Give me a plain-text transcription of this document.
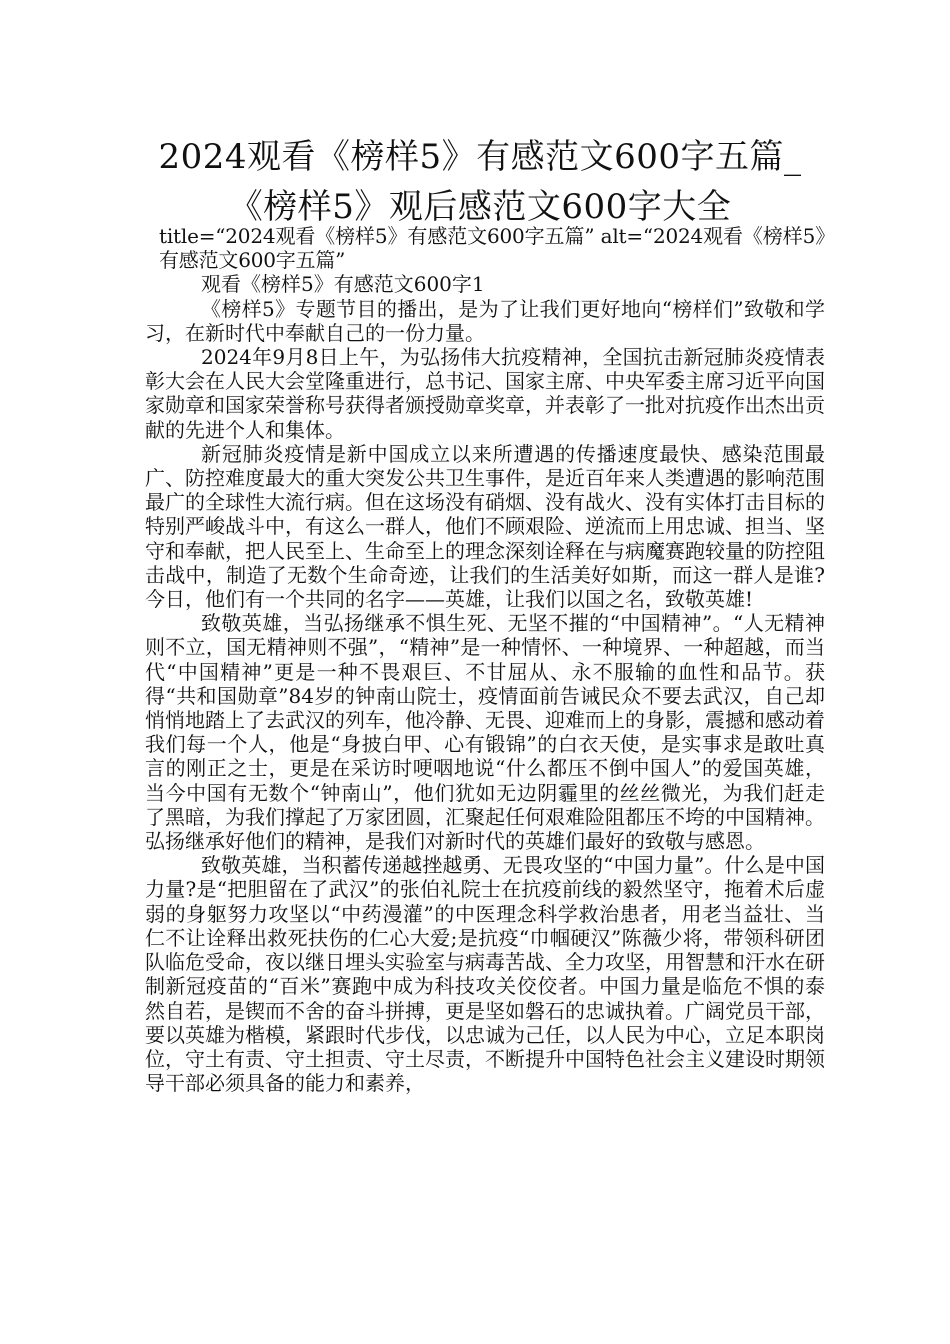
2024观看《榜样5》有感范文600字五篇_
《榜样5》观后感范文600字大全

title=“2024观看《榜样5》有感范文600字五篇” alt=“2024观看《榜样5》有感范文600字五篇”

观看《榜样5》有感范文600字1

《榜样5》专题节目的播出，是为了让我们更好地向“榜样们”致敬和学习，在新时代中奉献自己的一份力量。

2024年9月8日上午，为弘扬伟大抗疫精神，全国抗击新冠肺炎疫情表彰大会在人民大会堂隆重进行，总书记、国家主席、中央军委主席习近平向国家勋章和国家荣誉称号获得者颁授勋章奖章，并表彰了一批对抗疫作出杰出贡献的先进个人和集体。

新冠肺炎疫情是新中国成立以来所遭遇的传播速度最快、感染范围最广、防控难度最大的重大突发公共卫生事件，是近百年来人类遭遇的影响范围最广的全球性大流行病。但在这场没有硝烟、没有战火、没有实体打击目标的特别严峻战斗中，有这么一群人，他们不顾艰险、逆流而上用忠诚、担当、坚守和奉献，把人民至上、生命至上的理念深刻诠释在与病魔赛跑较量的防控阻击战中，制造了无数个生命奇迹，让我们的生活美好如斯，而这一群人是谁?今日，他们有一个共同的名字——英雄，让我们以国之名，致敬英雄!

致敬英雄，当弘扬继承不惧生死、无坚不摧的“中国精神”。“人无精神则不立，国无精神则不强”，“精神”是一种情怀、一种境界、一种超越，而当代“中国精神”更是一种不畏艰巨、不甘屈从、永不服输的血性和品节。获得“共和国勋章”84岁的钟南山院士，疫情面前告诫民众不要去武汉，自己却悄悄地踏上了去武汉的列车，他冷静、无畏、迎难而上的身影，震撼和感动着我们每一个人，他是“身披白甲、心有锻锦”的白衣天使，是实事求是敢吐真言的刚正之士，更是在采访时哽咽地说“什么都压不倒中国人”的爱国英雄，当今中国有无数个“钟南山”，他们犹如无边阴霾里的丝丝微光，为我们赶走了黑暗，为我们撑起了万家团圆，汇聚起任何艰难险阻都压不垮的中国精神。弘扬继承好他们的精神，是我们对新时代的英雄们最好的致敬与感恩。

致敬英雄，当积蓄传递越挫越勇、无畏攻坚的“中国力量”。什么是中国力量?是“把胆留在了武汉”的张伯礼院士在抗疫前线的毅然坚守，拖着术后虚弱的身躯努力攻坚以“中药漫灌”的中医理念科学救治患者，用老当益壮、当仁不让诠释出救死扶伤的仁心大爱;是抗疫“巾帼硬汉”陈薇少将，带领科研团队临危受命，夜以继日埋头实验室与病毒苦战、全力攻坚，用智慧和汗水在研制新冠疫苗的“百米”赛跑中成为科技攻关佼佼者。中国力量是临危不惧的泰然自若，是锲而不舍的奋斗拼搏，更是坚如磐石的忠诚执着。广阔党员干部，要以英雄为楷模，紧跟时代步伐，以忠诚为己任，以人民为中心，立足本职岗位，守土有责、守土担责、守土尽责，不断提升中国特色社会主义建设时期领导干部必须具备的能力和素养，
